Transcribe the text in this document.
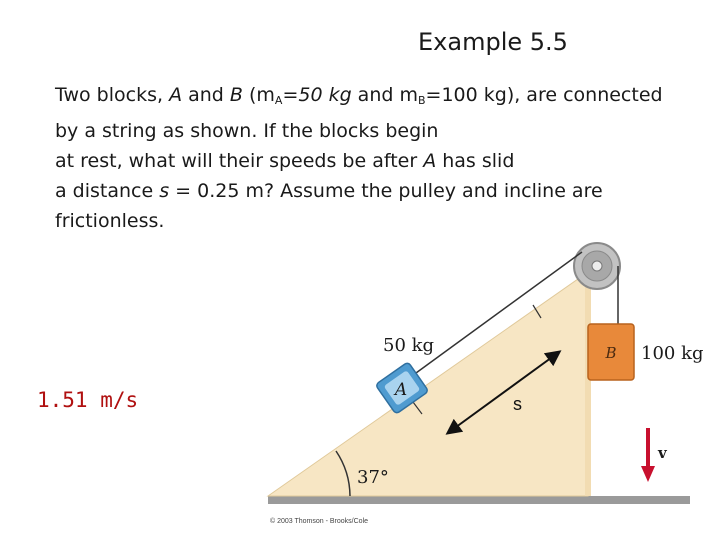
Example 5.5
Two blocks, A and B ($m_A=50$ kg and $m_B=100$ kg), are connected
by a string as shown. If the blocks begin
at rest, what will their speeds be after A has slid
a distance s = 0.25 m? Assume the pulley and incline are
frictionless.
1.51 m/s	A
B
50 kg	100 kg
s
37°
v
© 2003 Thomson - Brooks/Cole
